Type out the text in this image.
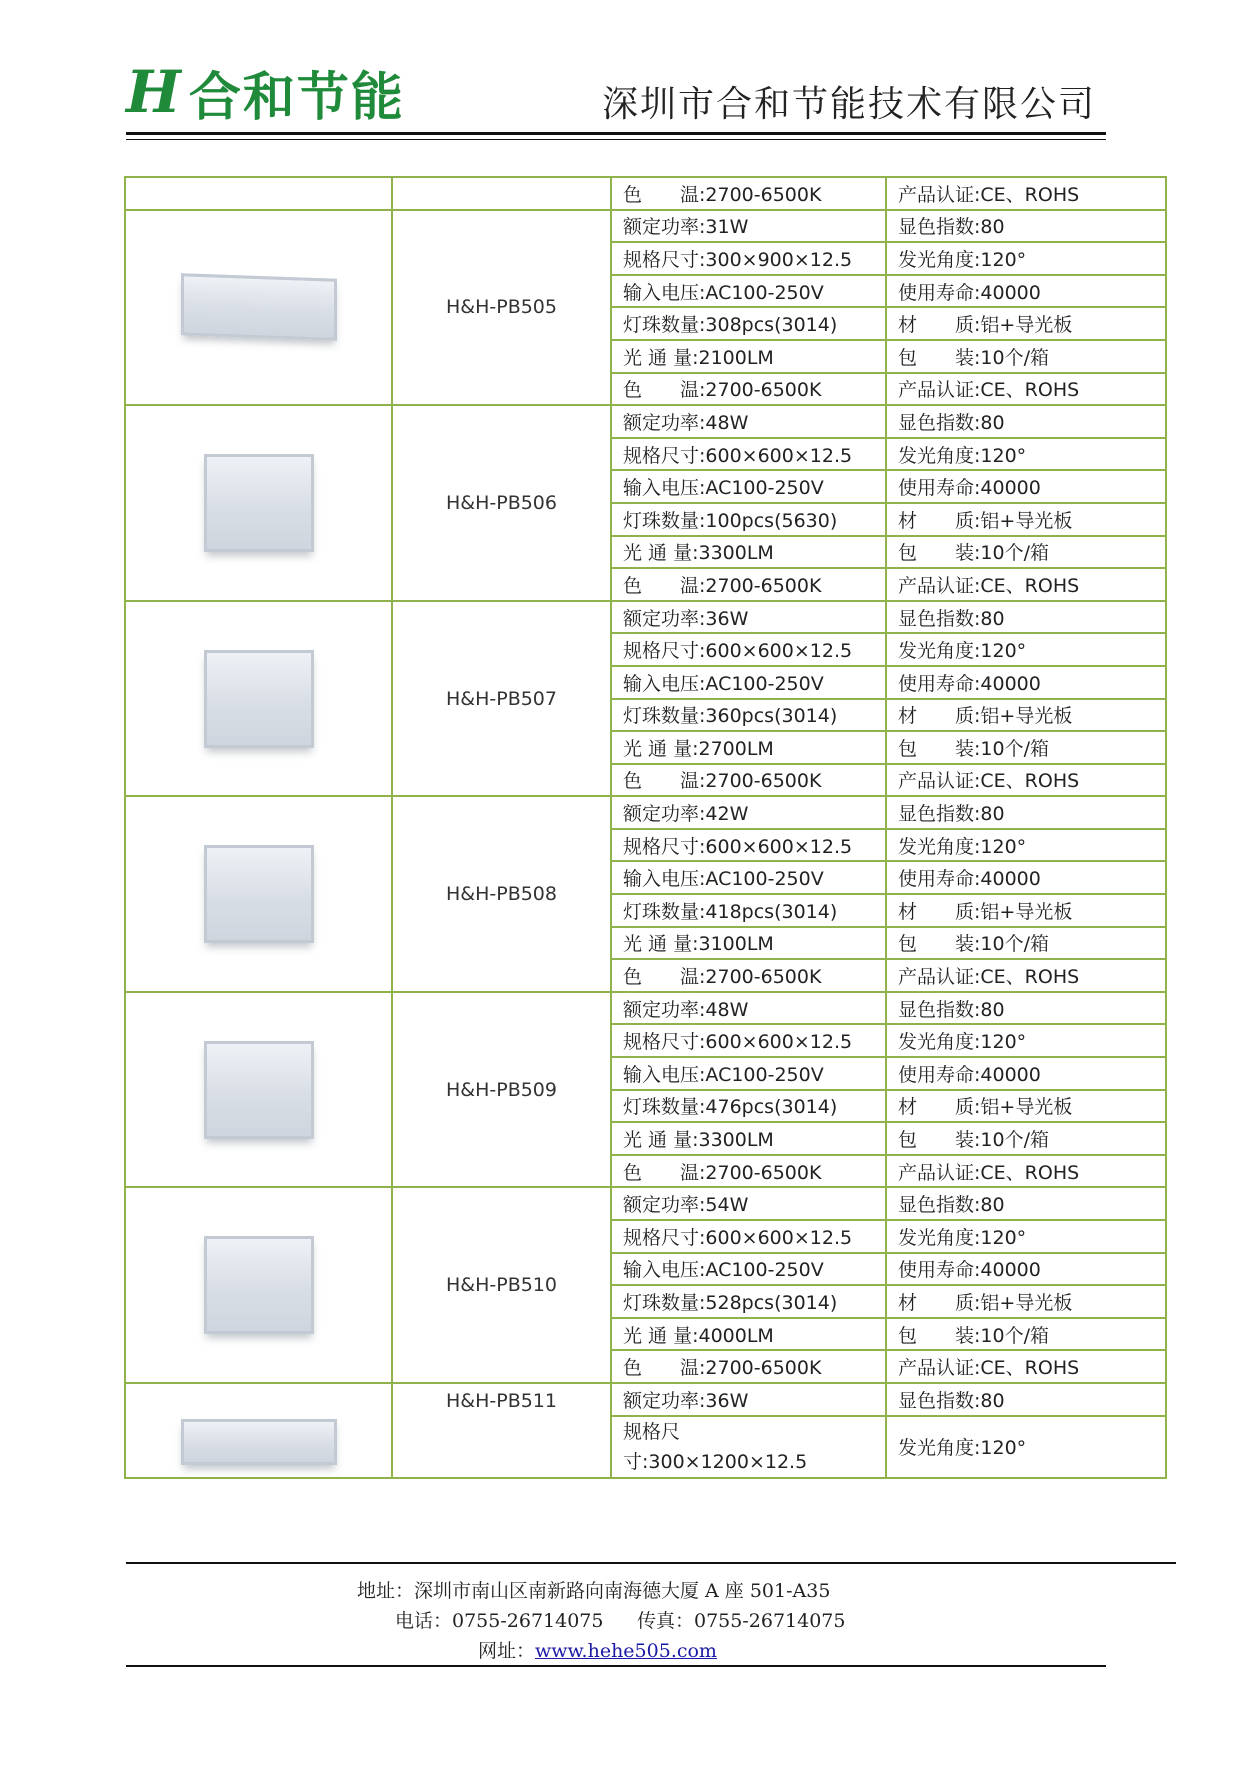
H 合和节能	深圳市合和节能技术有限公司
		色　　温:2700-6500K	产品认证:CE、ROHS

	H&H-PB505	额定功率:31W	显色指数:80
		规格尺寸:300×900×12.5	发光角度:120°
		输入电压:AC100-250V	使用寿命:40000
		灯珠数量:308pcs(3014)	材　　质:铝+导光板
		光 通 量:2100LM	包　　装:10个/箱
		色　　温:2700-6500K	产品认证:CE、ROHS

	H&H-PB506	额定功率:48W	显色指数:80
		规格尺寸:600×600×12.5	发光角度:120°
		输入电压:AC100-250V	使用寿命:40000
		灯珠数量:100pcs(5630)	材　　质:铝+导光板
		光 通 量:3300LM	包　　装:10个/箱
		色　　温:2700-6500K	产品认证:CE、ROHS

	H&H-PB507	额定功率:36W	显色指数:80
		规格尺寸:600×600×12.5	发光角度:120°
		输入电压:AC100-250V	使用寿命:40000
		灯珠数量:360pcs(3014)	材　　质:铝+导光板
		光 通 量:2700LM	包　　装:10个/箱
		色　　温:2700-6500K	产品认证:CE、ROHS

	H&H-PB508	额定功率:42W	显色指数:80
		规格尺寸:600×600×12.5	发光角度:120°
		输入电压:AC100-250V	使用寿命:40000
		灯珠数量:418pcs(3014)	材　　质:铝+导光板
		光 通 量:3100LM	包　　装:10个/箱
		色　　温:2700-6500K	产品认证:CE、ROHS

	H&H-PB509	额定功率:48W	显色指数:80
		规格尺寸:600×600×12.5	发光角度:120°
		输入电压:AC100-250V	使用寿命:40000
		灯珠数量:476pcs(3014)	材　　质:铝+导光板
		光 通 量:3300LM	包　　装:10个/箱
		色　　温:2700-6500K	产品认证:CE、ROHS

	H&H-PB510	额定功率:54W	显色指数:80
		规格尺寸:600×600×12.5	发光角度:120°
		输入电压:AC100-250V	使用寿命:40000
		灯珠数量:528pcs(3014)	材　　质:铝+导光板
		光 通 量:4000LM	包　　装:10个/箱
		色　　温:2700-6500K	产品认证:CE、ROHS

	H&H-PB511	额定功率:36W	显色指数:80
		规格尺寸:300×1200×12.5	发光角度:120°
地址：深圳市南山区南新路向南海德大厦 A 座 501-A35
电话：0755-26714075 传真：0755-26714075
网址：www.hehe505.com
